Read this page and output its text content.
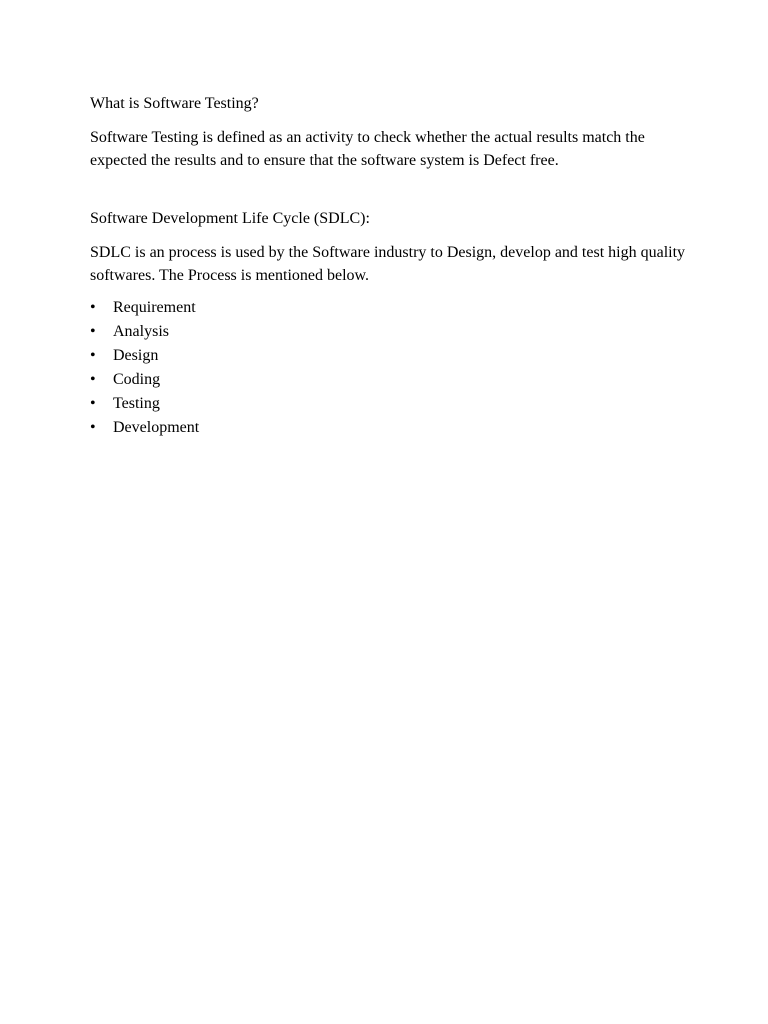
What is Software Testing?

Software Testing is defined as an activity to check whether the actual results match the expected the results and to ensure that the software system is Defect free.

Software Development Life Cycle (SDLC):

SDLC is an process is used by the Software industry to Design, develop and test high quality softwares. The Process is mentioned below.

•	Requirement
•	Analysis
•	Design
•	Coding
•	Testing
•	Development
